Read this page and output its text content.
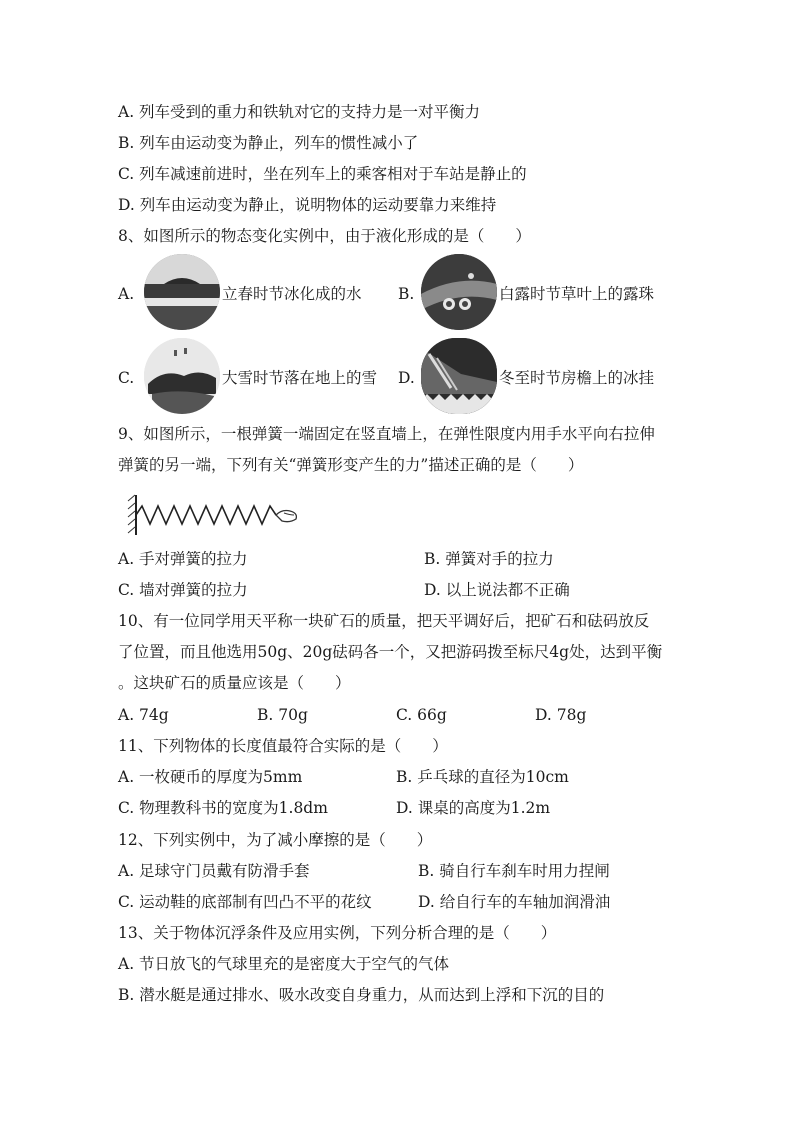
A. 列车受到的重力和铁轨对它的支持力是一对平衡力
B. 列车由运动变为静止，列车的惯性减小了
C. 列车减速前进时，坐在列车上的乘客相对于车站是静止的
D. 列车由运动变为静止，说明物体的运动要靠力来维持
8、如图所示的物态变化实例中，由于液化形成的是（　　）
A.	立春时节冰化成的水 B.	白露时节草叶上的露珠
C.	大雪时节落在地上的雪 D.	冬至时节房檐上的冰挂
9、如图所示，一根弹簧一端固定在竖直墙上，在弹性限度内用手水平向右拉伸
弹簧的另一端，下列有关“弹簧形变产生的力”描述正确的是（　　）
A. 手对弹簧的拉力	B. 弹簧对手的拉力
C. 墙对弹簧的拉力	D. 以上说法都不正确
10、有一位同学用天平称一块矿石的质量，把天平调好后，把矿石和砝码放反
了位置，而且他选用50g、20g砝码各一个，又把游码拨至标尺4g处，达到平衡
。这块矿石的质量应该是（　　）
A. 74g	B. 70g	C. 66g	D. 78g
11、下列物体的长度值最符合实际的是（　　）
A. 一枚硬币的厚度为5mm	B. 乒乓球的直径为10cm
C. 物理教科书的宽度为1.8dm	D. 课桌的高度为1.2m
12、下列实例中，为了减小摩擦的是（　　）
A. 足球守门员戴有防滑手套	B. 骑自行车刹车时用力捏闸
C. 运动鞋的底部制有凹凸不平的花纹	D. 给自行车的车轴加润滑油
13、关于物体沉浮条件及应用实例，下列分析合理的是（　　）
A. 节日放飞的气球里充的是密度大于空气的气体
B. 潜水艇是通过排水、吸水改变自身重力，从而达到上浮和下沉的目的
